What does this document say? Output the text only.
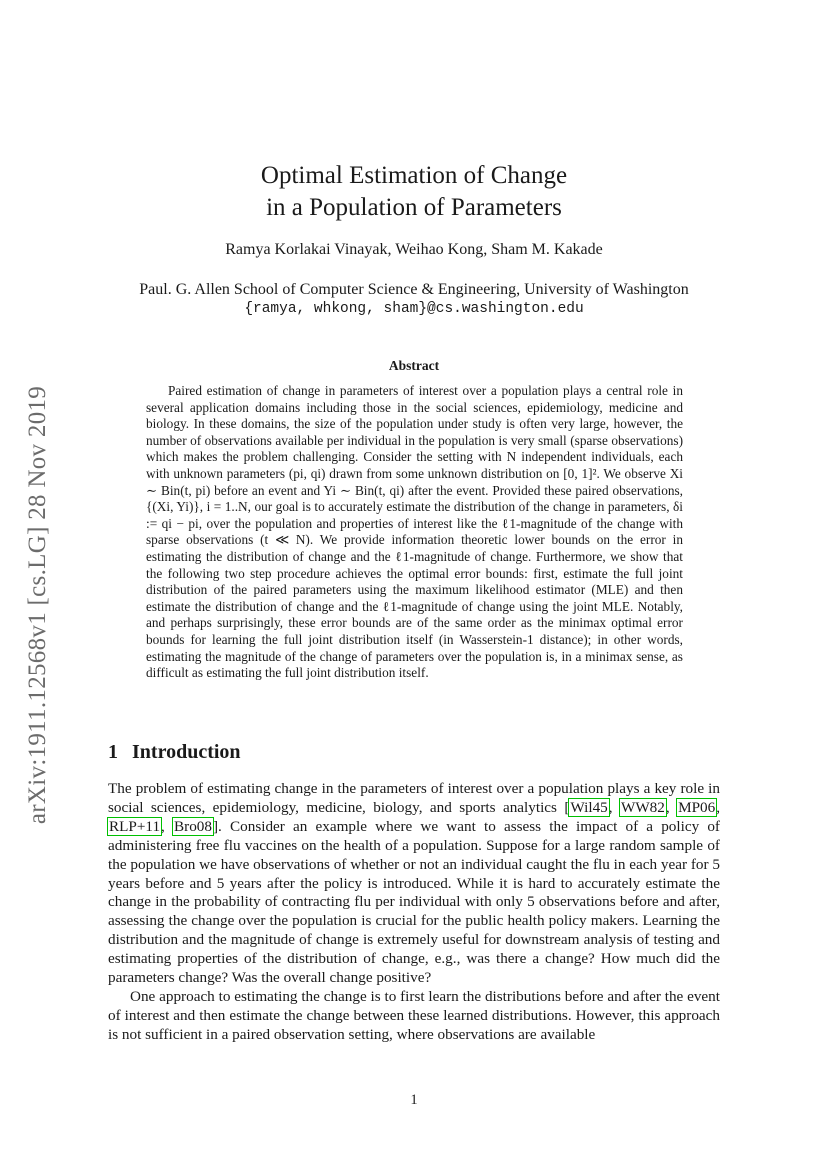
arXiv:1911.12568v1 [cs.LG] 28 Nov 2019
Optimal Estimation of Change
in a Population of Parameters
Ramya Korlakai Vinayak, Weihao Kong, Sham M. Kakade
Paul. G. Allen School of Computer Science & Engineering, University of Washington
{ramya, whkong, sham}@cs.washington.edu
Abstract

Paired estimation of change in parameters of interest over a population plays a central role in several application domains including those in the social sciences, epidemiology, medicine and biology. In these domains, the size of the population under study is often very large, however, the number of observations available per individual in the population is very small (sparse observations) which makes the problem challenging. Consider the setting with N independent individuals, each with unknown parameters (pi, qi) drawn from some unknown distribution on [0, 1]². We observe Xi ∼ Bin(t, pi) before an event and Yi ∼ Bin(t, qi) after the event. Provided these paired observations, {(Xi, Yi)}, i = 1..N, our goal is to accurately estimate the distribution of the change in parameters, δi := qi − pi, over the population and properties of interest like the ℓ1-magnitude of the change with sparse observations (t ≪ N). We provide information theoretic lower bounds on the error in estimating the distribution of change and the ℓ1-magnitude of change. Furthermore, we show that the following two step procedure achieves the optimal error bounds: first, estimate the full joint distribution of the paired parameters using the maximum likelihood estimator (MLE) and then estimate the distribution of change and the ℓ1-magnitude of change using the joint MLE. Notably, and perhaps surprisingly, these error bounds are of the same order as the minimax optimal error bounds for learning the full joint distribution itself (in Wasserstein-1 distance); in other words, estimating the magnitude of the change of parameters over the population is, in a minimax sense, as difficult as estimating the full joint distribution itself.

1 Introduction

The problem of estimating change in the parameters of interest over a population plays a key role in social sciences, epidemiology, medicine, biology, and sports analytics [Wil45, WW82, MP06, RLP+11, Bro08]. Consider an example where we want to assess the impact of a policy of administering free flu vaccines on the health of a population. Suppose for a large random sample of the population we have observations of whether or not an individual caught the flu in each year for 5 years before and 5 years after the policy is introduced. While it is hard to accurately estimate the change in the probability of contracting flu per individual with only 5 observations before and after, assessing the change over the population is crucial for the public health policy makers. Learning the distribution and the magnitude of change is extremely useful for downstream analysis of testing and estimating properties of the distribution of change, e.g., was there a change? How much did the parameters change? Was the overall change positive?

One approach to estimating the change is to first learn the distributions before and after the event of interest and then estimate the change between these learned distributions. However, this approach is not sufficient in a paired observation setting, where observations are available

1
